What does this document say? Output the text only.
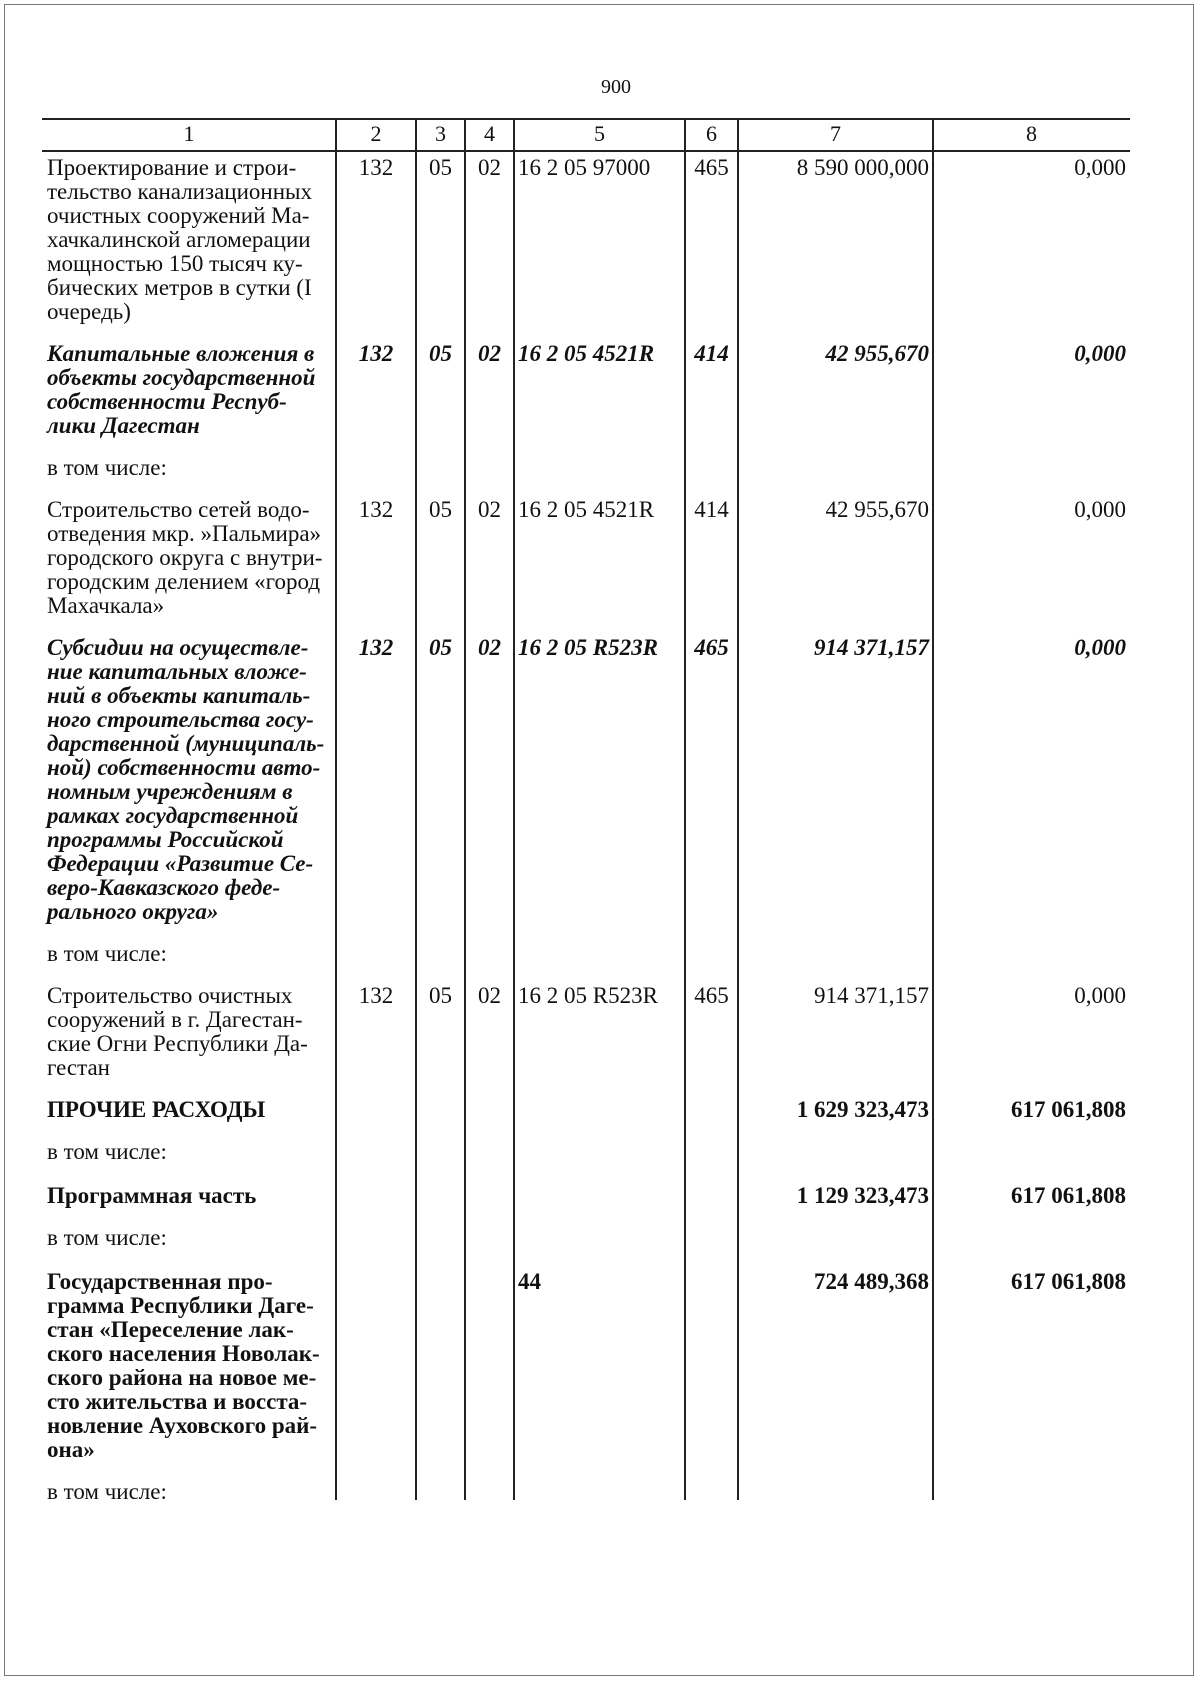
900
1	2	3	4	5	6	7	8
Проектирование и строи-тельство канализационных очистных сооружений Ма-хачкалинской агломерации мощностью 150 тысяч ку-бических метров в сутки (I очередь)	132	05	02	16 2 05 97000	465	8 590 000,000	0,000
Капитальные вложения в объекты государственной собственности Респуб-лики Дагестан	132	05	02	16 2 05 4521R	414	42 955,670	0,000
в том числе:							
Строительство сетей водо-отведения мкр. »Пальмира» городского округа с внутри-городским делением «город Махачкала»	132	05	02	16 2 05 4521R	414	42 955,670	0,000
Субсидии на осуществле-ние капитальных вложе-ний в объекты капиталь-ного строительства госу-дарственной (муниципаль-ной) собственности авто-номным учреждениям в рамках государственной программы Российской Федерации «Развитие Се-веро-Кавказского феде-рального округа»	132	05	02	16 2 05 R523R	465	914 371,157	0,000
в том числе:							
Строительство очистных сооружений в г. Дагестан-ские Огни Республики Да-гестан	132	05	02	16 2 05 R523R	465	914 371,157	0,000
ПРОЧИЕ РАСХОДЫ						1 629 323,473	617 061,808
в том числе:							
Программная часть						1 129 323,473	617 061,808
в том числе:							
Государственная про-грамма Республики Даге-стан «Переселение лак-ского населения Новолак-ского района на новое ме-сто жительства и восста-новление Ауховского рай-она»				44		724 489,368	617 061,808
в том числе:							
